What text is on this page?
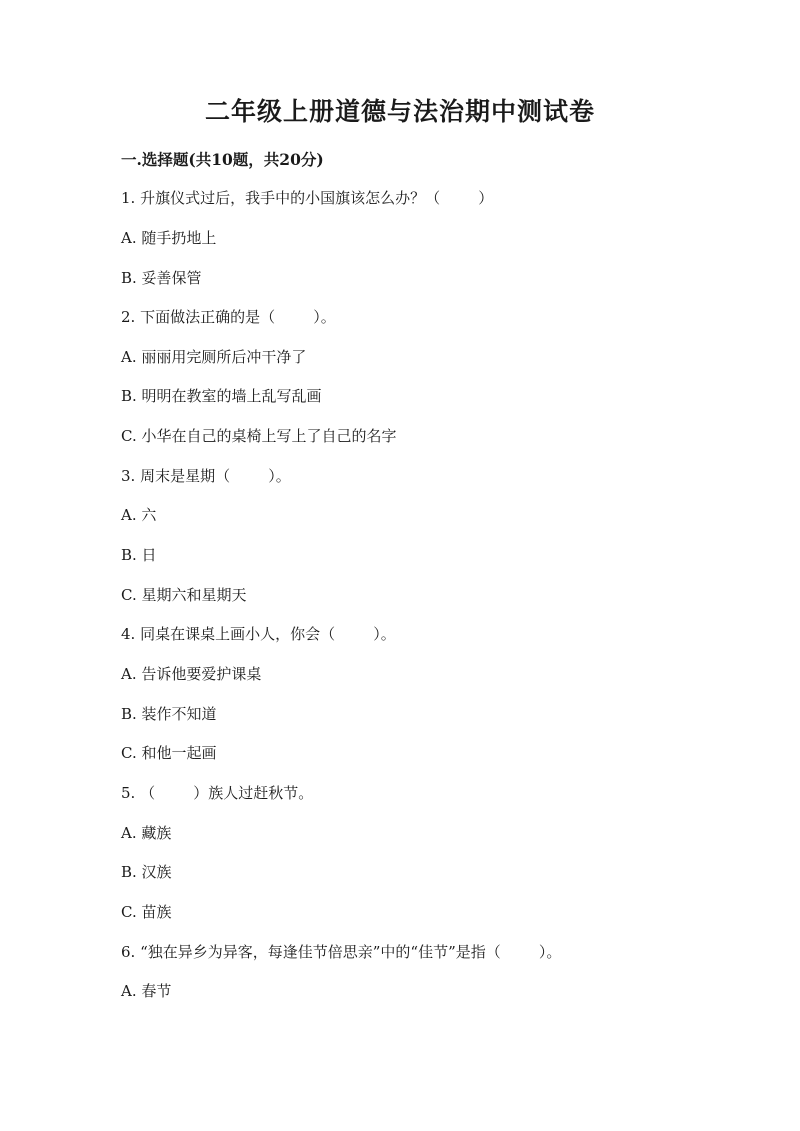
二年级上册道德与法治期中测试卷
一.选择题(共10题，共20分)
1. 升旗仪式过后，我手中的小国旗该怎么办？（        ）
A. 随手扔地上
B. 妥善保管
2. 下面做法正确的是（        ）。
A. 丽丽用完厕所后冲干净了
B. 明明在教室的墙上乱写乱画
C. 小华在自己的桌椅上写上了自己的名字
3. 周末是星期（        ）。
A. 六
B. 日
C. 星期六和星期天
4. 同桌在课桌上画小人，你会（        ）。
A. 告诉他要爱护课桌
B. 装作不知道
C. 和他一起画
5. （        ）族人过赶秋节。
A. 藏族
B. 汉族
C. 苗族
6. “独在异乡为异客，每逢佳节倍思亲”中的“佳节”是指（        ）。
A. 春节
